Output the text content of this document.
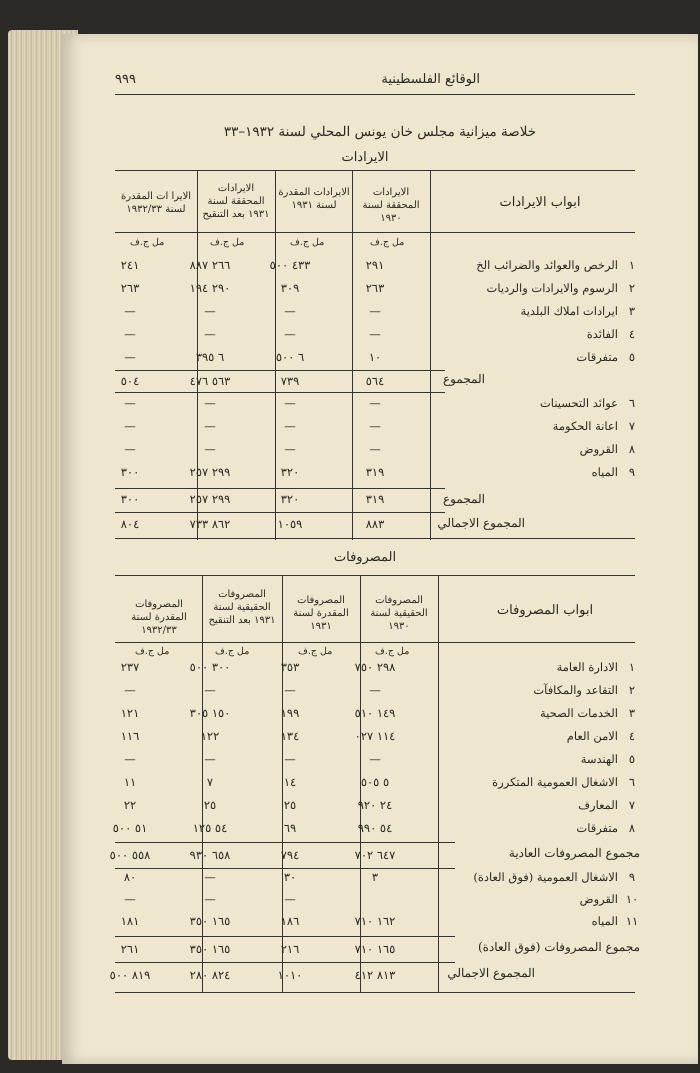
٩٩٩	الوقائع الفلسطينية
خلاصة ميزانية مجلس خان يونس المحلي لسنة ١٩٣٢–٣٣
الايرادات
الايرادات المحققة لسنة ١٩٣٠
الايرادات المقدرة لسنة ١٩٣١
الايرادات المحققة لسنة ١٩٣١ بعد التنقيح
الايرا ات المقدرة لسنة ١٩٣٢/٣٣	ابواب الايرادات
مل ج.ف
مل ج.ف
مل ج.ف
مل ج.ف
١
الرخص والعوائد والضرائب الخ
٢٩١
٤٣٣ ٥٠٠
٢٦٦ ٨٨٧
٢٤١
٢
الرسوم والايرادات والرديات
٢٦٣
٣٠٩
٢٩٠ ١٩٤
٢٦٣
٣
ايرادات املاك البلدية
—
—
—
—
٤
الفائدة
—
—
—
—
٥
متفرقات
١٠
٦ ٥٠٠
٦ ٣٩٥
—
المجموع
٦
عوائد التحسينات
—
—
—
—
٧
اعانة الحكومة
—
—
—
—
٨
القروض
—
—
—
—
٩
المياه
٣١٩
٣٢٠
٢٩٩ ٢٥٧
٣٠٠
المجموع
المجموع الاجمالي
المصروفات
المصروفات الحقيقية لسنة ١٩٣٠
المصروفات المقدرة لسنة ١٩٣١
المصروفات الحقيقية لسنة ١٩٣١ بعد التنقيح
المصروفات المقدرة لسنة ١٩٣٢/٣٣
ابواب المصروفات
مل ج.ف
مل ج.ف
مل ج.ف
مل ج.ف
١
الادارة العامة
٢٩٨ ٧٥٠
٣٥٣
٣٠٠ ٥٠٠
٢٣٧
٢
التقاعد والمكافآت
—
—
—
—
٣
الخدمات الصحية
١٤٩ ٥١٠
١٩٩
١٥٠ ٣٠٥
١٢١
٤
الامن العام
١١٤ ٠٢٧
١٣٤
١٢٢
١١٦
٥
الهندسة
—
—
—
—
٦
الاشغال العمومية المتكررة
٥ ٥٠٥
١٤
٧
١١
٧
المعارف
٢٤ ٩٢٠
٢٥
٢٥
٢٢
٨
متفرقات
٥٤ ٩٩٠
٦٩
٥٤ ١٢٥
٥١ ٥٠٠
مجموع المصروفات العادية
٩
الاشغال العمومية (فوق العادة)
٣
٣٠
—
٨٠
١٠
القروض
—
—
—
١١
المياه
١٦٢ ٧١٠
١٨٦
١٦٥ ٣٥٠
١٨١
مجموع المصروفات (فوق العادة)
المجموع الاجمالي
٥٦٤
٧٣٩
٥٦٣ ٤٧٦
٥٠٤
٣١٩
٣٢٠
٢٩٩ ٢٥٧
٣٠٠
٨٨٣
١٠٥٩
٨٦٢ ٧٣٣
٨٠٤
٦٤٧ ٧٠٢
٧٩٤
٦٥٨ ٩٣٠
٥٥٨ ٥٠٠
١٦٥ ٧١٠
٢١٦
١٦٥ ٣٥٠
٢٦١
٨١٣ ٤١٢
١٠١٠
٨٢٤ ٢٨٠
٨١٩ ٥٠٠
